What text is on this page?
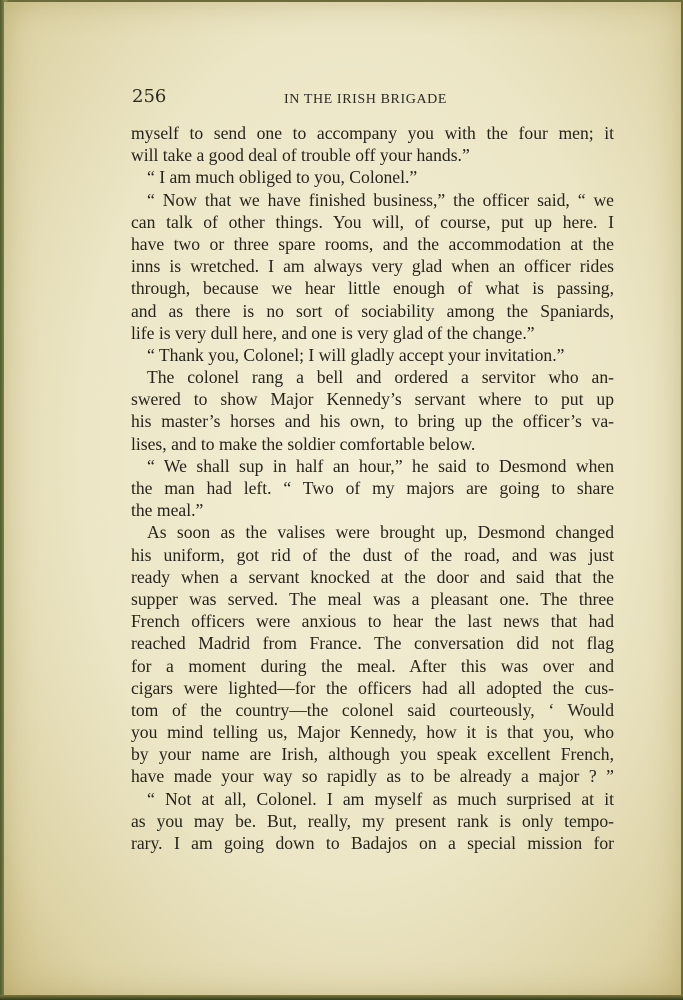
256	IN THE IRISH BRIGADE
myself to send one to accompany you with the four men; it
will take a good deal of trouble off your hands.”
“ I am much obliged to you, Colonel.”
“ Now that we have finished business,” the officer said, “ we
can talk of other things. You will, of course, put up here. I
have two or three spare rooms, and the accommodation at the
inns is wretched. I am always very glad when an officer rides
through, because we hear little enough of what is passing,
and as there is no sort of sociability among the Spaniards,
life is very dull here, and one is very glad of the change.”
“ Thank you, Colonel; I will gladly accept your invitation.”
The colonel rang a bell and ordered a servitor who an-
swered to show Major Kennedy’s servant where to put up
his master’s horses and his own, to bring up the officer’s va-
lises, and to make the soldier comfortable below.
“ We shall sup in half an hour,” he said to Desmond when
the man had left. “ Two of my majors are going to share
the meal.”
As soon as the valises were brought up, Desmond changed
his uniform, got rid of the dust of the road, and was just
ready when a servant knocked at the door and said that the
supper was served. The meal was a pleasant one. The three
French officers were anxious to hear the last news that had
reached Madrid from France. The conversation did not flag
for a moment during the meal. After this was over and
cigars were lighted—for the officers had all adopted the cus-
tom of the country—the colonel said courteously, ‘ Would
you mind telling us, Major Kennedy, how it is that you, who
by your name are Irish, although you speak excellent French,
have made your way so rapidly as to be already a major ? ”
“ Not at all, Colonel. I am myself as much surprised at it
as you may be. But, really, my present rank is only tempo-
rary. I am going down to Badajos on a special mission for
